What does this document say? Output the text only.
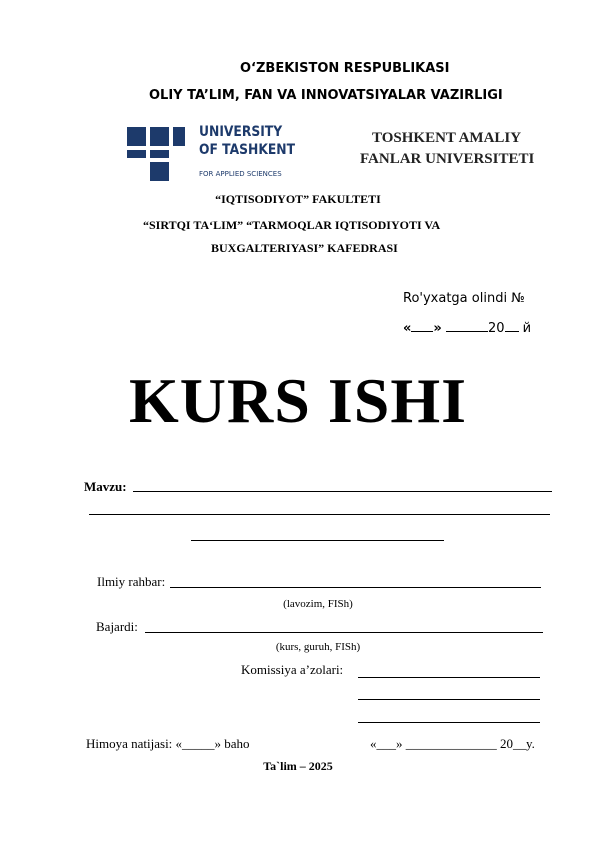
O‘ZBEKISTON RESPUBLIKASI
OLIY TA’LIM, FAN VA INNOVATSIYALAR VAZIRLIGI
UNIVERSITY
OF TASHKENT
FOR APPLIED SCIENCES
TOSHKENT AMALIY
FANLAR UNIVERSITETI
“IQTISODIYOT” FAKULTETI
“SIRTQI TA‘LIM” “TARMOQLAR IQTISODIYOTI VA
BUXGALTERIYASI” KAFEDRASI
Ro'yxatga olindi №
« »	20 й
KURS ISHI
Mavzu:
Ilmiy rahbar:
(lavozim, FISh)
Bajardi:
(kurs, guruh, FISh)
Komissiya a’zolari:
Himoya natijasi: «_____» baho	«___» ______________ 20__y.
Ta`lim – 2025
